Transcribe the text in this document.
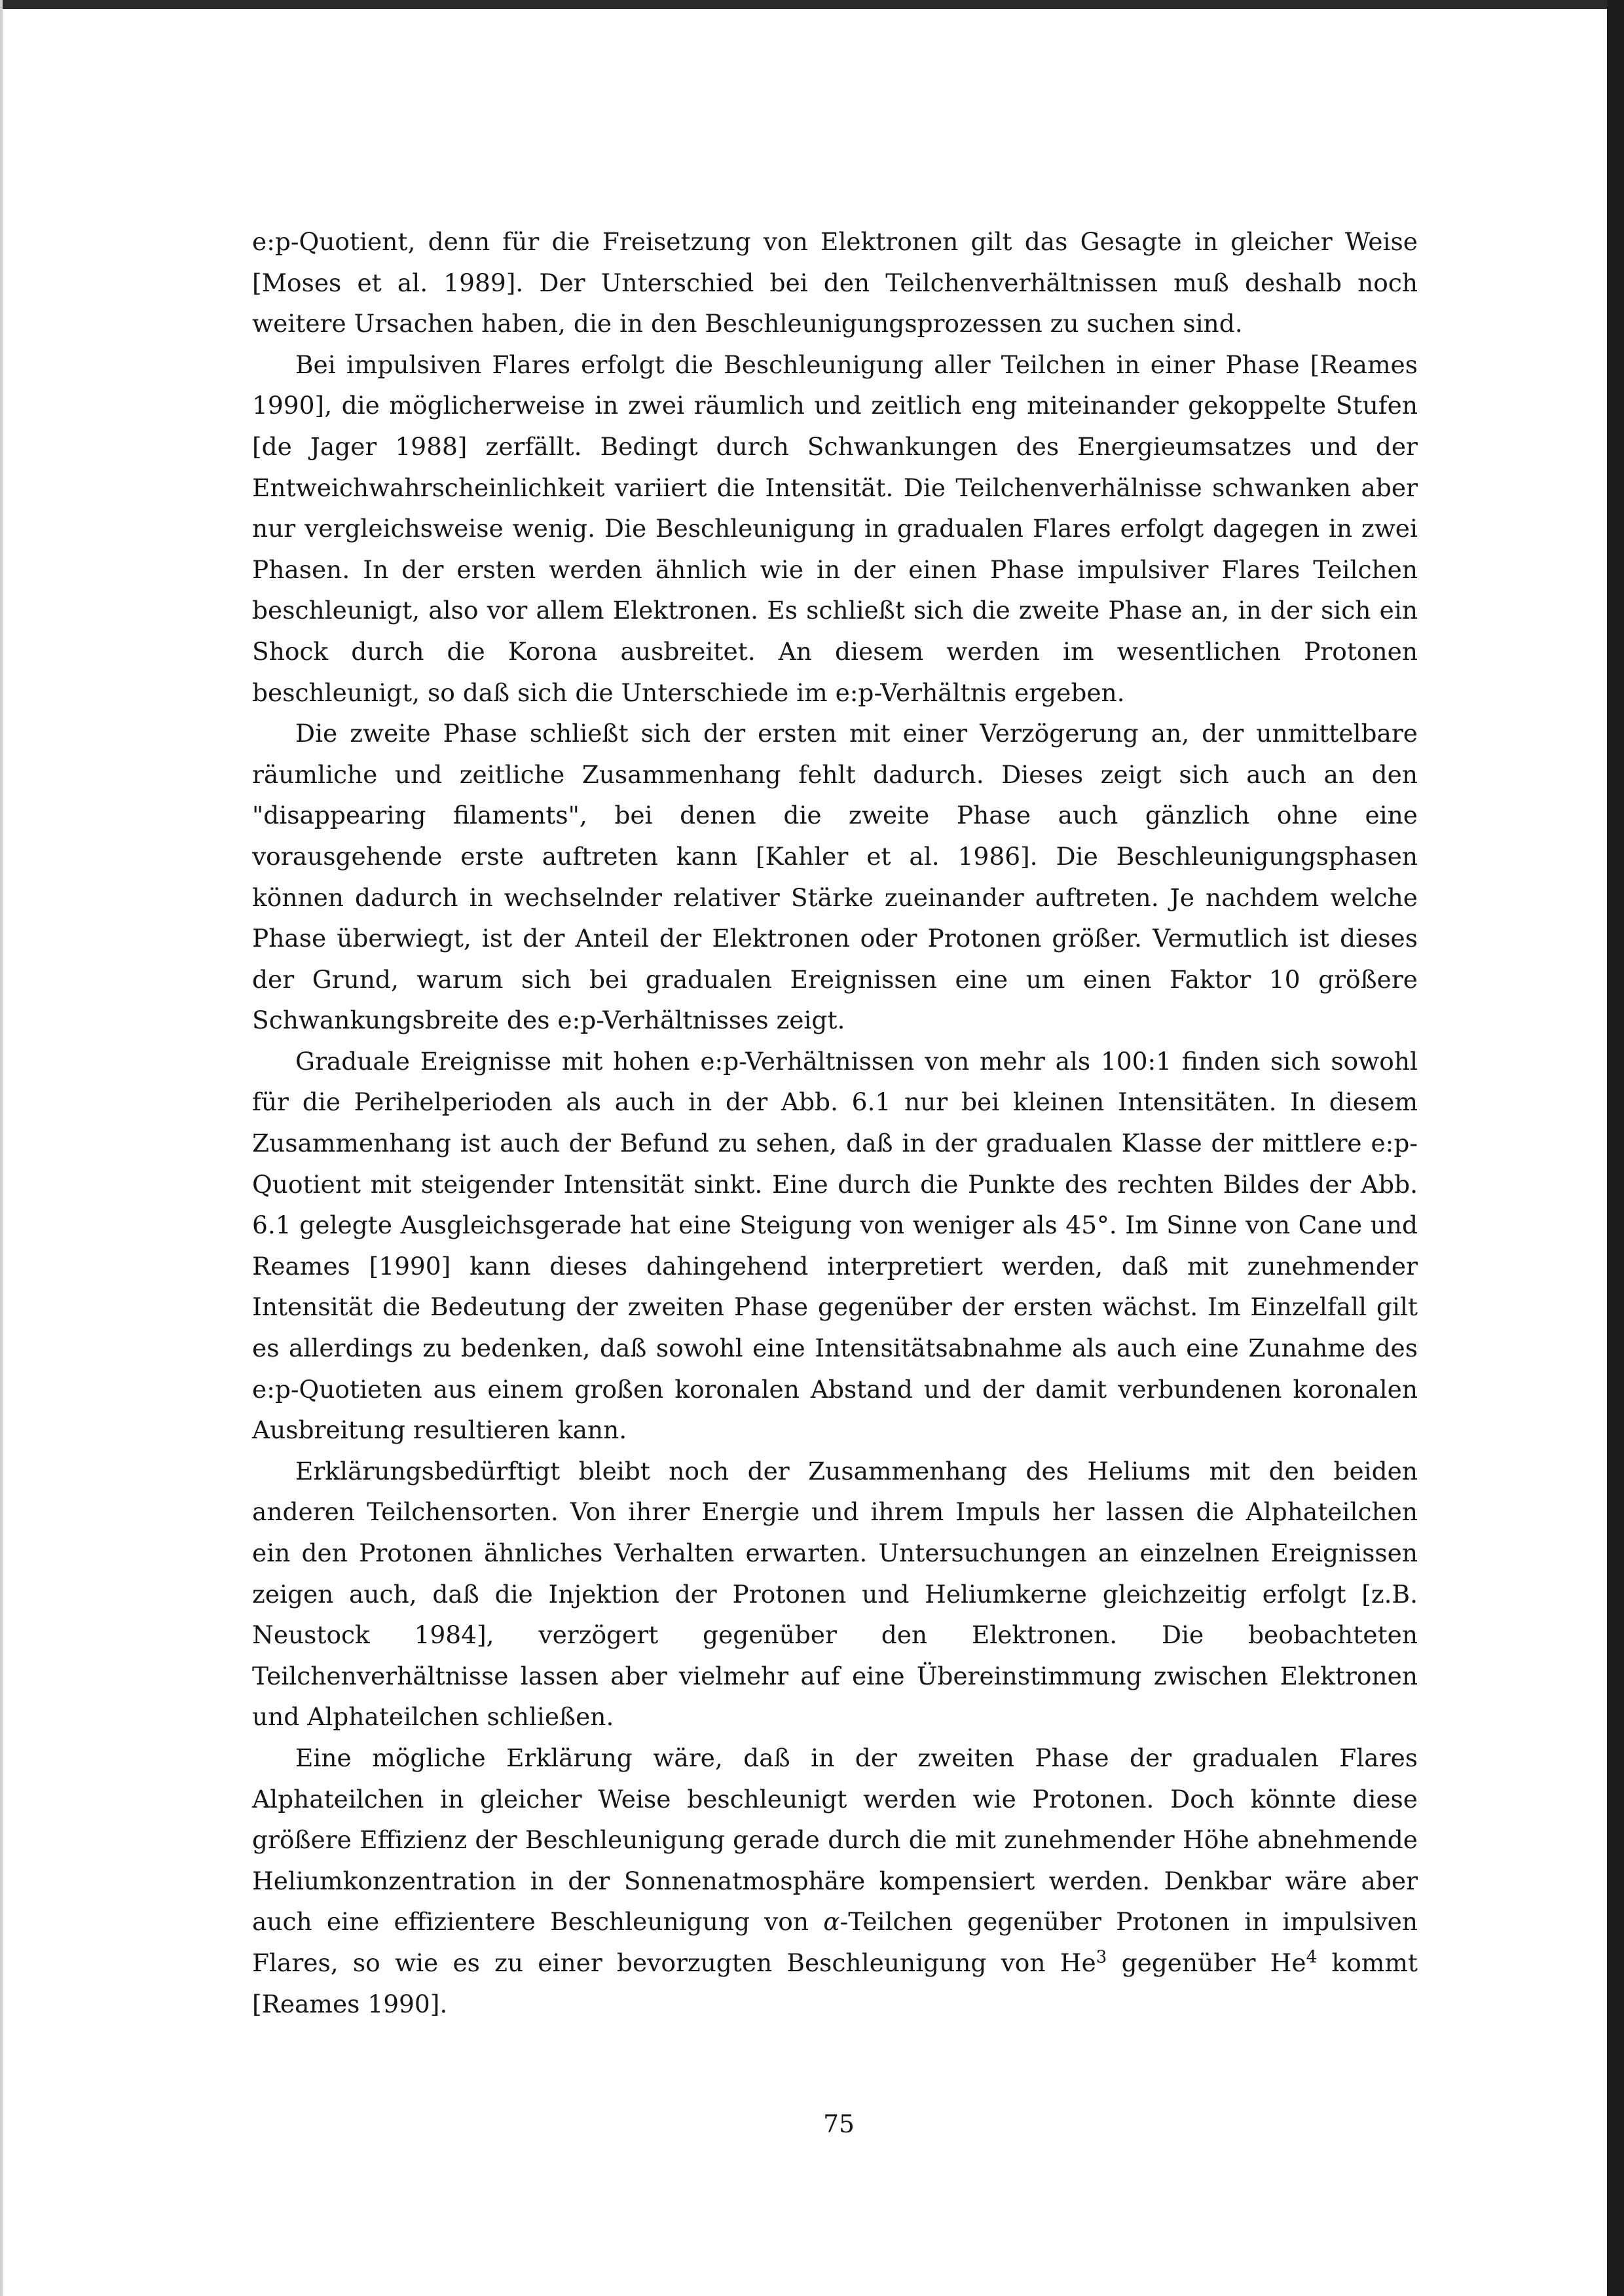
e:p-Quotient, denn für die Freisetzung von Elektronen gilt das Gesagte in gleicher Weise [Moses et al. 1989]. Der Unterschied bei den Teilchenverhältnissen muß deshalb noch weitere Ursachen haben, die in den Beschleunigungsprozessen zu suchen sind.

Bei impulsiven Flares erfolgt die Beschleunigung aller Teilchen in einer Phase [Reames 1990], die möglicherweise in zwei räumlich und zeitlich eng miteinander gekoppelte Stufen [de Jager 1988] zerfällt. Bedingt durch Schwankungen des Energieumsatzes und der Entweichwahrscheinlichkeit variiert die Intensität. Die Teilchenverhälnisse schwanken aber nur vergleichsweise wenig. Die Beschleunigung in gradualen Flares erfolgt dagegen in zwei Phasen. In der ersten werden ähnlich wie in der einen Phase impulsiver Flares Teilchen beschleunigt, also vor allem Elektronen. Es schließt sich die zweite Phase an, in der sich ein Shock durch die Korona ausbreitet. An diesem werden im wesentlichen Protonen beschleunigt, so daß sich die Unterschiede im e:p-Verhältnis ergeben.

Die zweite Phase schließt sich der ersten mit einer Verzögerung an, der unmittelbare räumliche und zeitliche Zusammenhang fehlt dadurch. Dieses zeigt sich auch an den "disappearing filaments", bei denen die zweite Phase auch gänzlich ohne eine vorausgehende erste auftreten kann [Kahler et al. 1986]. Die Beschleunigungsphasen können dadurch in wechselnder relativer Stärke zueinander auftreten. Je nachdem welche Phase überwiegt, ist der Anteil der Elektronen oder Protonen größer. Vermutlich ist dieses der Grund, warum sich bei gradualen Ereignissen eine um einen Faktor 10 größere Schwankungsbreite des e:p-Verhältnisses zeigt.

Graduale Ereignisse mit hohen e:p-Verhältnissen von mehr als 100:1 finden sich sowohl für die Perihelperioden als auch in der Abb. 6.1 nur bei kleinen Intensitäten. In diesem Zusammenhang ist auch der Befund zu sehen, daß in der gradualen Klasse der mittlere e:p-Quotient mit steigender Intensität sinkt. Eine durch die Punkte des rechten Bildes der Abb. 6.1 gelegte Ausgleichsgerade hat eine Steigung von weniger als 45°. Im Sinne von Cane und Reames [1990] kann dieses dahingehend interpretiert werden, daß mit zunehmender Intensität die Bedeutung der zweiten Phase gegenüber der ersten wächst. Im Einzelfall gilt es allerdings zu bedenken, daß sowohl eine Intensitätsabnahme als auch eine Zunahme des e:p-Quotieten aus einem großen koronalen Abstand und der damit verbundenen koronalen Ausbreitung resultieren kann.

Erklärungsbedürftigt bleibt noch der Zusammenhang des Heliums mit den beiden anderen Teilchensorten. Von ihrer Energie und ihrem Impuls her lassen die Alphateilchen ein den Protonen ähnliches Verhalten erwarten. Untersuchungen an einzelnen Ereignissen zeigen auch, daß die Injektion der Protonen und Heliumkerne gleichzeitig erfolgt [z.B. Neustock 1984], verzögert gegenüber den Elektronen. Die beobachteten Teilchenverhältnisse lassen aber vielmehr auf eine Übereinstimmung zwischen Elektronen und Alphateilchen schließen.

Eine mögliche Erklärung wäre, daß in der zweiten Phase der gradualen Flares Alphateilchen in gleicher Weise beschleunigt werden wie Protonen. Doch könnte diese größere Effizienz der Beschleunigung gerade durch die mit zunehmender Höhe abnehmende Heliumkonzentration in der Sonnenatmosphäre kompensiert werden. Denkbar wäre aber auch eine effizientere Beschleunigung von α-Teilchen gegenüber Protonen in impulsiven Flares, so wie es zu einer bevorzugten Beschleunigung von He$^3$ gegenüber He$^4$ kommt [Reames 1990].

75
